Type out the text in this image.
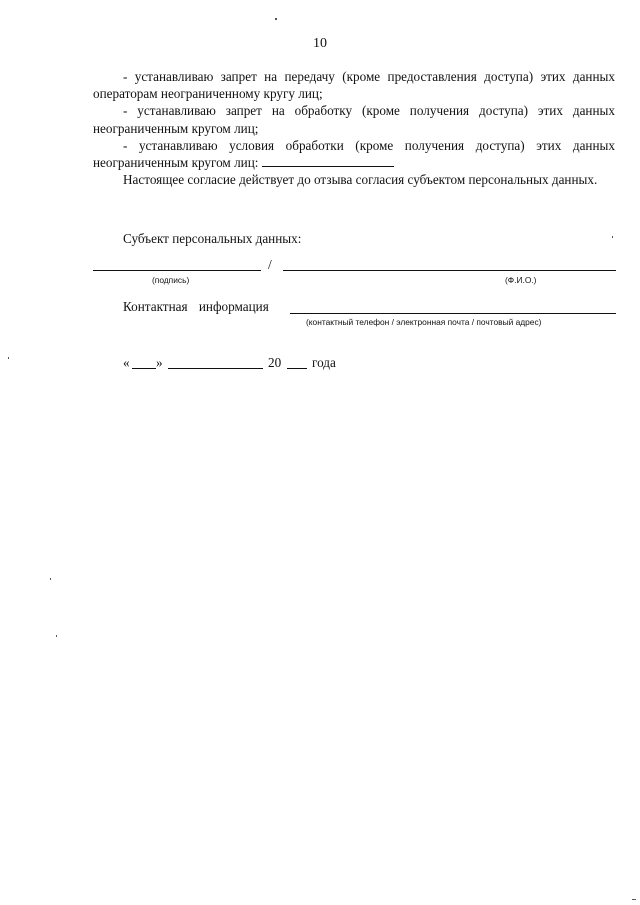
10

- устанавливаю запрет на передачу (кроме предоставления доступа) этих данных операторам неограниченному кругу лиц;

- устанавливаю запрет на обработку (кроме получения доступа) этих данных неограниченным кругом лиц;

- устанавливаю условия обработки (кроме получения доступа) этих данных неограниченным кругом лиц:

Настоящее согласие действует до отзыва согласия субъектом персональных данных.

Субъект персональных данных:
/
(подпись)	(Ф.И.О.)
Контактная информация
(контактный телефон / электронная почта / почтовый адрес)
« »	20 года
